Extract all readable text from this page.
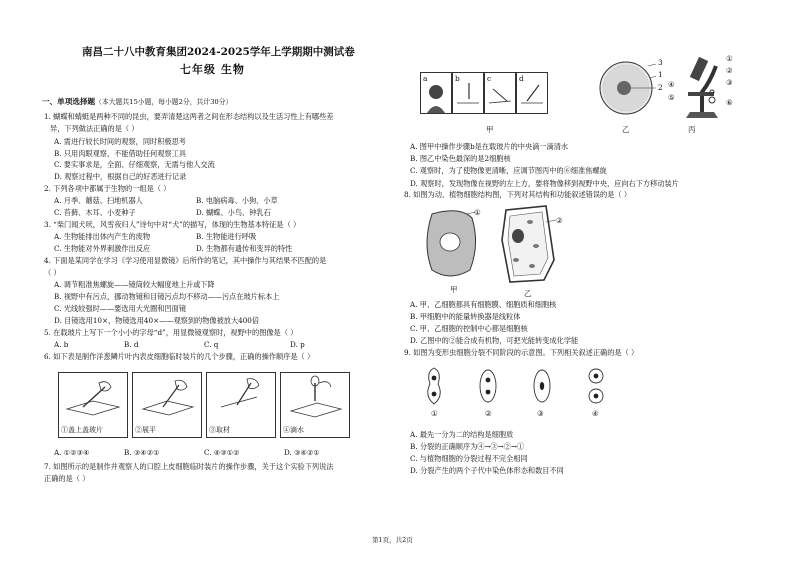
南昌二十八中教育集团2024-2025学年上学期期中测试卷
七年级 生物
一、单项选择题（本大题共15小题，每小题2分，共计30分）
1. 蝴蝶和蜻蜓是两种不同的昆虫，要弄清楚这两者之间在形态结构以及生活习性上有哪些差
异，下列做法正确的是（ ）
A. 需进行较长时间的观察，同时积极思考
B. 只用肉眼观察，不能借助任何观察工具
C. 要实事求是，全面、仔细观察，无需与他人交流
D. 观察过程中，根据自己的好恶进行记录
2. 下列各项中都属于生物的一组是（ ）
A. 月季、蘑菇、扫地机器人	B. 电脑病毒、小狗、小草
C. 苔藓、木耳、小麦种子	D. 蝴蝶、小鸟、钟乳石
3. “柴门闻犬吠，风雪夜归人”诗句中对“犬”的描写，体现的生物基本特征是（ ）
A. 生物能排出体内产生的废物	B. 生物能进行呼吸
C. 生物能对外界刺激作出反应	D. 生物都有遗传和变异的特性
4. 下面是某同学在学习《学习使用显微镜》后所作的笔记，其中操作与其结果不匹配的是
（ ）
A. 调节粗准焦螺旋——镜筒较大幅度地上升或下降
B. 视野中有污点，挪动物镜和目镜污点均不移动——污点在玻片标本上
C. 光线较强时——要选用大光圈和凹面镜
D. 目镜选用10×，物镜选用40×——观察到的物像被放大400倍
5. 在载玻片上写下一个小小的字母“d”，用显微镜观察时，视野中的图像是（ ）
A. b	B. d	C. q	D. p
6. 如下表是制作洋葱鳞片叶内表皮细胞临时装片的几个步骤，正确的操作顺序是（ ）
①盖上盖玻片	②展平	③取材	④滴水
A. ①②③④	B. ③④②①	C. ④③①②	D. ③④②①
7. 如图所示的是制作并观察人的口腔上皮细胞临时装片的操作步骤，关于这个实验下列说法
正确的是（ ）
a	b	c	d
甲
3
1
2
乙
①
②
③
④
⑤
⑥
丙
A. 图甲中操作步骤b是在载玻片的中央滴一滴清水
B. 图乙中染色最深的是2细胞核
C. 观察时，为了使物像更清晰，应调节图丙中的⑥细准焦螺旋
D. 观察时，发现物像在视野的左上方，要将物像移到视野中央，应向右下方移动装片
8. 如图为动、植物细胞结构图，下列对其结构和功能叙述错误的是（ ）
①
甲
②
乙
A. 甲、乙细胞都具有细胞膜、细胞质和细胞核
B. 甲细胞中的能量转换器是线粒体
C. 甲、乙细胞的控制中心都是细胞核
D. 乙图中的②能合成有机物，可把光能转变成化学能
9. 如图为变形虫细胞分裂不同阶段的示意图。下列相关叙述正确的是（ ）
①	②	③	④
A. 最先一分为二的结构是细胞质
B. 分裂的正确顺序为④→③→②→①
C. 与植物细胞的分裂过程不完全相同
D. 分裂产生的两个子代中染色体形态和数目不同
第1页，共2页
